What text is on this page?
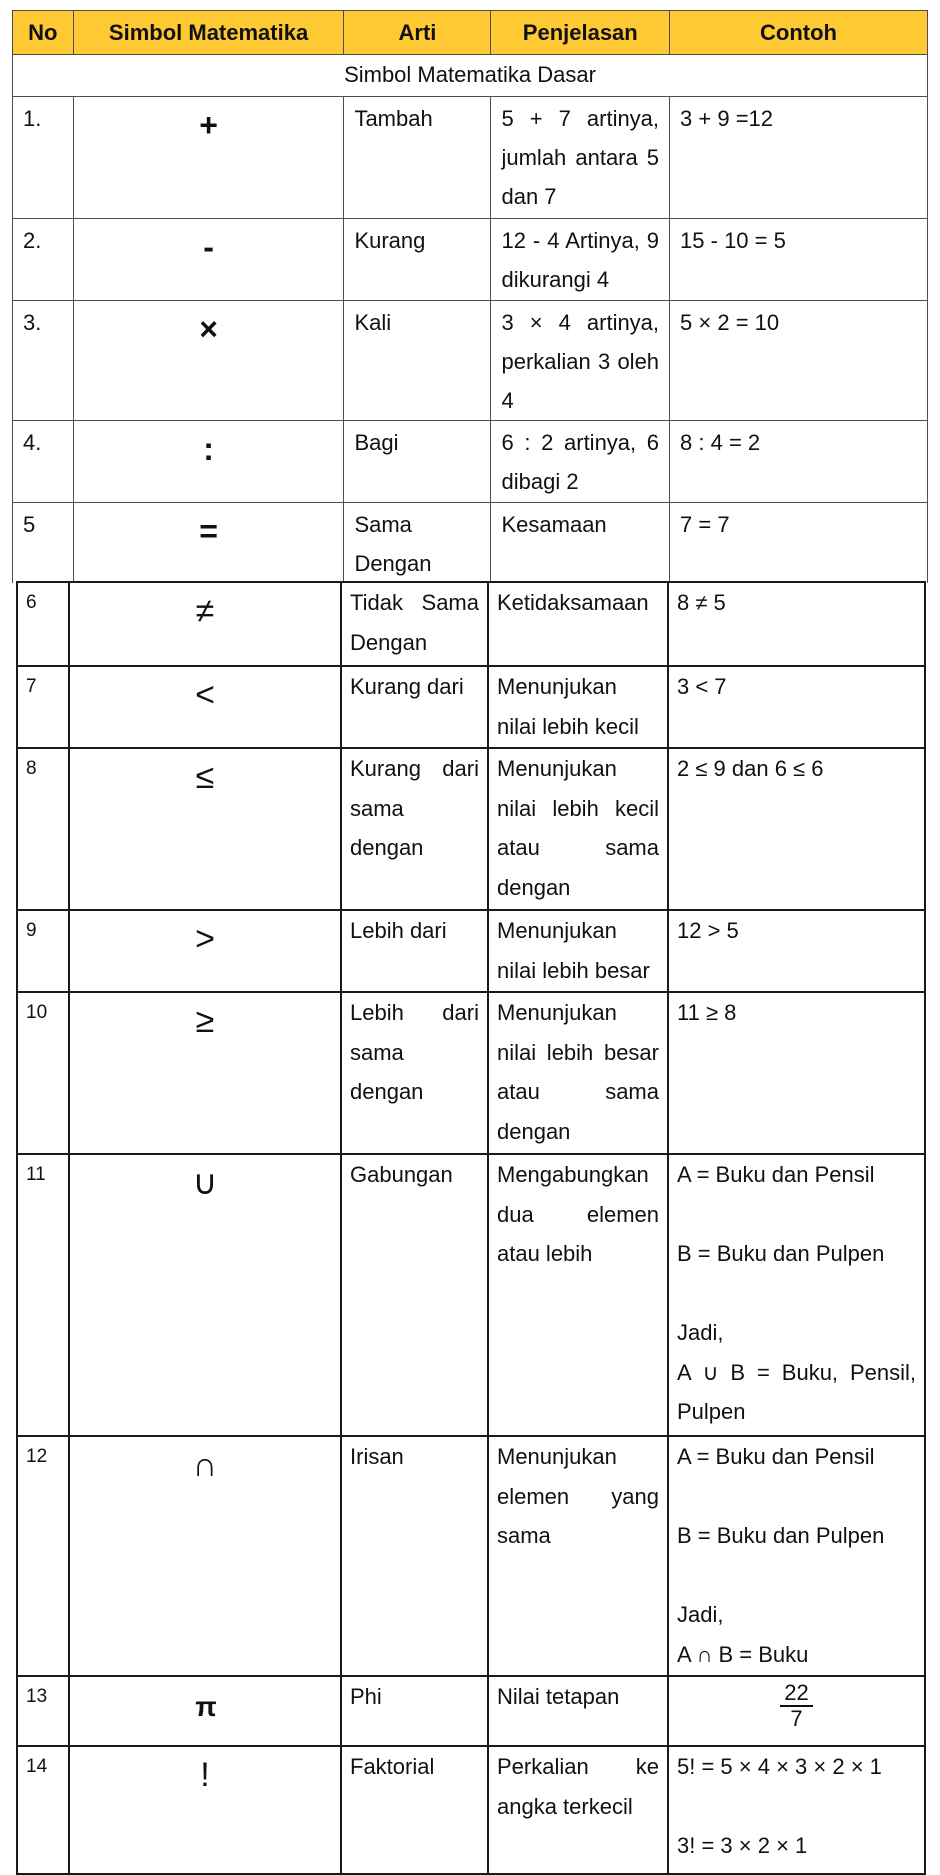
No	Simbol Matematika	Arti	Penjelasan	Contoh
Simbol Matematika Dasar				
1.	+	Tambah	5 + 7 artinya, jumlah antara 5 dan 7	3 + 9 =12
2.	-	Kurang	12 - 4 Artinya, 9 dikurangi 4	15 - 10 = 5
3.	×	Kali	3 × 4 artinya, perkalian 3 oleh 4	5 × 2 = 10
4.	:	Bagi	6 : 2 artinya, 6 dibagi 2	8 : 4 = 2
5	=	Sama Dengan	Kesamaan	7 = 7
6	≠	Tidak Sama Dengan	Ketidaksamaan	8 ≠ 5
7	<	Kurang dari	Menunjukan nilai lebih kecil	3 < 7
8	≤	Kurang dari sama dengan	Menunjukan nilai lebih kecil atau sama dengan	2 ≤ 9 dan 6 ≤ 6
9	>	Lebih dari	Menunjukan nilai lebih besar	12 > 5
10	≥	Lebih dari sama dengan	Menunjukan nilai lebih besar atau sama dengan	11 ≥ 8
11	∪	Gabungan	Mengabungkan dua elemen atau lebih	A = Buku dan Pensil
B = Buku dan Pulpen
Jadi,
A ∪ B = Buku, Pensil, Pulpen

12	∩	Irisan	Menunjukan elemen yang sama	A = Buku dan Pensil
B = Buku dan Pulpen
Jadi,
A ∩ B = Buku

13	π	Phi	Nilai tetapan	$\frac{22}{7}$

14	!	Faktorial	Perkalian ke angka terkecil	5! = 5 × 4 × 3 × 2 × 1
3! = 3 × 2 × 1
